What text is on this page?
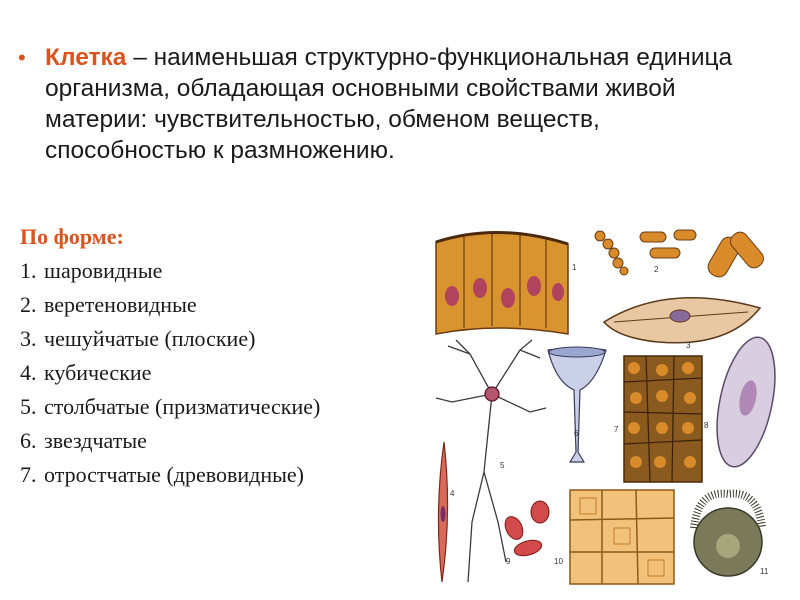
• Клетка – наименьшая структурно-функциональная единица организма, обладающая основными свойствами живой материи: чувствительностью, обменом веществ, способностью к размножению.
По форме:
1. шаровидные
2. веретеновидные
3. чешуйчатые (плоские)
4. кубические
5. столбчатые (призматические)
6. звездчатые
7. отростчатые (древовидные)
1	2
3
4
5
6	7	8
9	10
11
